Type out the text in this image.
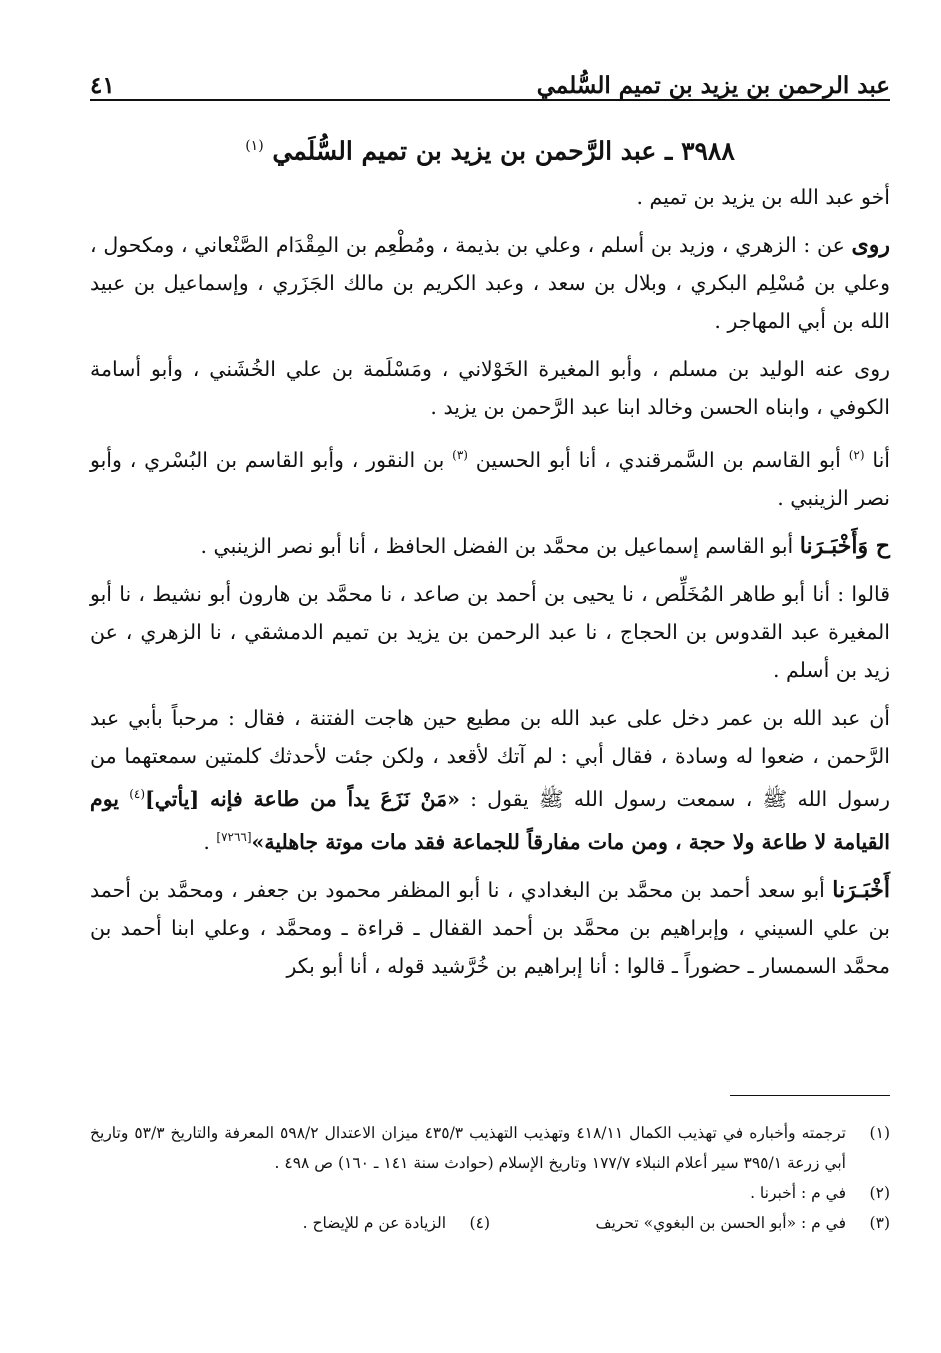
عبد الرحمن بن يزيد بن تميم السُّلمي
٤١
٣٩٨٨ ـ عبد الرَّحمن بن يزيد بن تميم السُّلَمي $^{(١)}$

أخو عبد الله بن يزيد بن تميم .

روى عن : الزهري ، وزيد بن أسلم ، وعلي بن بذيمة ، ومُطْعِم بن المِقْدَام الصَّنْعاني ، ومكحول ، وعلي بن مُسْلِم البكري ، وبلال بن سعد ، وعبد الكريم بن مالك الجَزَري ، وإسماعيل بن عبيد الله بن أبي المهاجر .

روى عنه الوليد بن مسلم ، وأبو المغيرة الخَوْلاني ، ومَسْلَمة بن علي الخُشَني ، وأبو أسامة الكوفي ، وابناه الحسن وخالد ابنا عبد الرَّحمن بن يزيد .

أنا $^{(٢)}$ أبو القاسم بن السَّمرقندي ، أنا أبو الحسين $^{(٣)}$ بن النقور ، وأبو القاسم بن البُسْري ، وأبو نصر الزينبي .

ح وَأَخْبَـرَنا أبو القاسم إسماعيل بن محمَّد بن الفضل الحافظ ، أنا أبو نصر الزينبي .

قالوا : أنا أبو طاهر المُخَلِّص ، نا يحيى بن أحمد بن صاعد ، نا محمَّد بن هارون أبو نشيط ، نا أبو المغيرة عبد القدوس بن الحجاج ، نا عبد الرحمن بن يزيد بن تميم الدمشقي ، نا الزهري ، عن زيد بن أسلم .

أن عبد الله بن عمر دخل على عبد الله بن مطيع حين هاجت الفتنة ، فقال : مرحباً بأبي عبد الرَّحمن ، ضعوا له وسادة ، فقال أبي : لم آتك لأقعد ، ولكن جئت لأحدثك كلمتين سمعتهما من رسول الله ﷺ ، سمعت رسول الله ﷺ يقول : «مَنْ نَزَعَ يداً من طاعة فإنه [يأتي]$^{(٤)}$ يوم القيامة لا طاعة ولا حجة ، ومن مات مفارقاً للجماعة فقد مات موتة جاهلية»[٧٢٦٦] .

أَخْبَـرَنا أبو سعد أحمد بن محمَّد بن البغدادي ، نا أبو المظفر محمود بن جعفر ، ومحمَّد بن أحمد بن علي السيني ، وإبراهيم بن محمَّد بن أحمد القفال ـ قراءة ـ ومحمَّد ، وعلي ابنا أحمد بن محمَّد السمسار ـ حضوراً ـ قالوا : أنا إبراهيم بن خُرَّشيد قوله ، أنا أبو بكر

(١)
ترجمته وأخباره في تهذيب الكمال ٤١٨/١١ وتهذيب التهذيب ٤٣٥/٣ ميزان الاعتدال ٥٩٨/٢ المعرفة والتاريخ ٥٣/٣ وتاريخ أبي زرعة ٣٩٥/١ سير أعلام النبلاء ١٧٧/٧ وتاريخ الإسلام (حوادث سنة ١٤١ ـ ١٦٠) ص ٤٩٨ .
(٢)
في م : أخبرنا .
(٣)
في م : «أبو الحسن بن البغوي» تحريف
(٤)
الزيادة عن م للإيضاح .
